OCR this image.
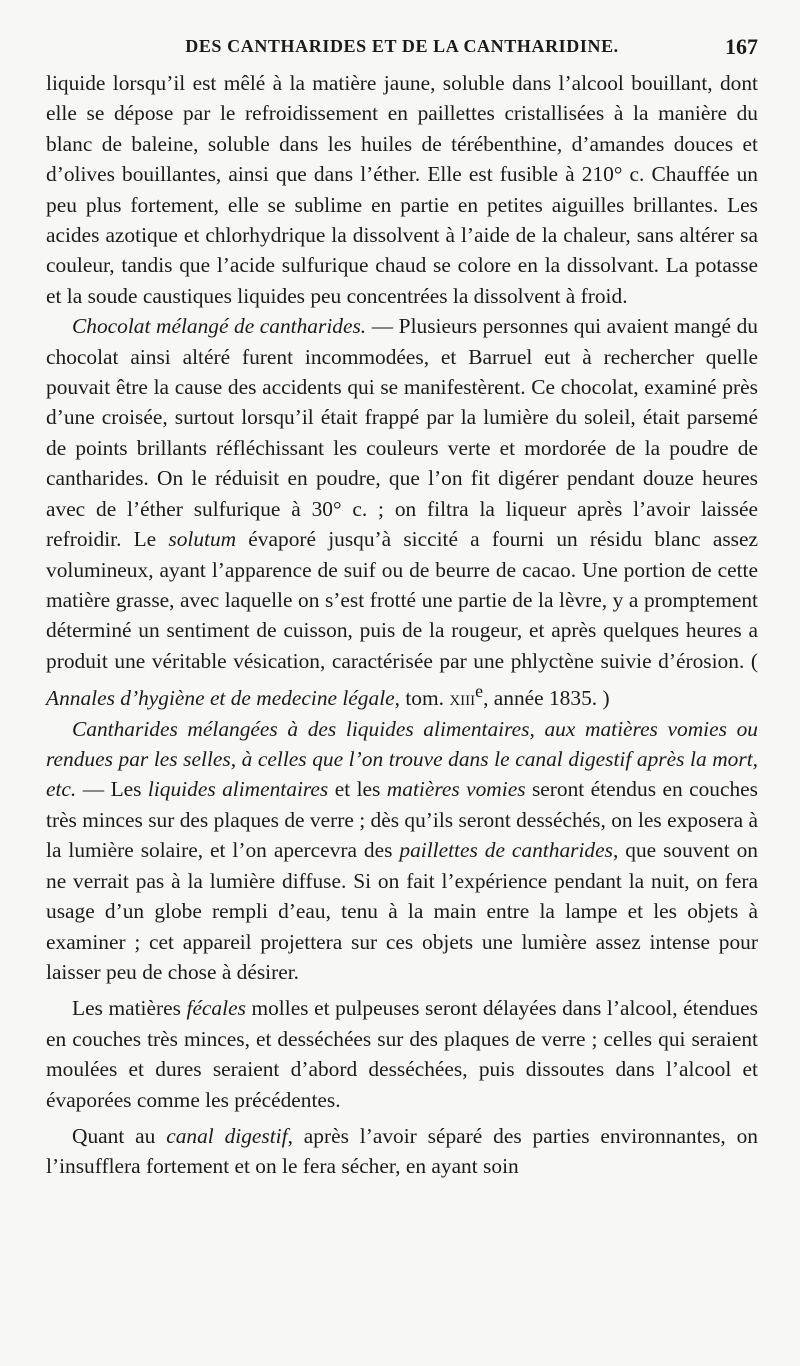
DES CANTHARIDES ET DE LA CANTHARIDINE.	167

liquide lorsqu’il est mêlé à la matière jaune, soluble dans l’alcool bouillant, dont elle se dépose par le refroidissement en paillettes cristallisées à la manière du blanc de baleine, soluble dans les huiles de térébenthine, d’amandes douces et d’olives bouillantes, ainsi que dans l’éther. Elle est fusible à 210° c. Chauffée un peu plus fortement, elle se sublime en partie en petites aiguilles brillantes. Les acides azotique et chlorhydrique la dissolvent à l’aide de la chaleur, sans altérer sa couleur, tandis que l’acide sulfurique chaud se colore en la dissolvant. La potasse et la soude caustiques liquides peu concentrées la dissolvent à froid.

Chocolat mélangé de cantharides. — Plusieurs personnes qui avaient mangé du chocolat ainsi altéré furent incommodées, et Barruel eut à rechercher quelle pouvait être la cause des accidents qui se manifestèrent. Ce chocolat, examiné près d’une croisée, surtout lorsqu’il était frappé par la lumière du soleil, était parsemé de points brillants réfléchissant les couleurs verte et mordorée de la poudre de cantharides. On le réduisit en poudre, que l’on fit digérer pendant douze heures avec de l’éther sulfurique à 30° c. ; on filtra la liqueur après l’avoir laissée refroidir. Le solutum évaporé jusqu’à siccité a fourni un résidu blanc assez volumineux, ayant l’apparence de suif ou de beurre de cacao. Une portion de cette matière grasse, avec laquelle on s’est frotté une partie de la lèvre, y a promptement déterminé un sentiment de cuisson, puis de la rougeur, et après quelques heures a produit une véritable vésication, caractérisée par une phlyctène suivie d’érosion. ( Annales d’hygiène et de medecine légale, tom. xiii$^e$, année 1835. )

Cantharides mélangées à des liquides alimentaires, aux matières vomies ou rendues par les selles, à celles que l’on trouve dans le canal digestif après la mort, etc. — Les liquides alimentaires et les matières vomies seront étendus en couches très minces sur des plaques de verre ; dès qu’ils seront desséchés, on les exposera à la lumière solaire, et l’on apercevra des paillettes de cantharides, que souvent on ne verrait pas à la lumière diffuse. Si on fait l’expérience pendant la nuit, on fera usage d’un globe rempli d’eau, tenu à la main entre la lampe et les objets à examiner ; cet appareil projettera sur ces objets une lumière assez intense pour laisser peu de chose à désirer.

Les matières fécales molles et pulpeuses seront délayées dans l’alcool, étendues en couches très minces, et desséchées sur des plaques de verre ; celles qui seraient moulées et dures seraient d’abord desséchées, puis dissoutes dans l’alcool et évaporées comme les précédentes.

Quant au canal digestif, après l’avoir séparé des parties environnantes, on l’insufflera fortement et on le fera sécher, en ayant soin
